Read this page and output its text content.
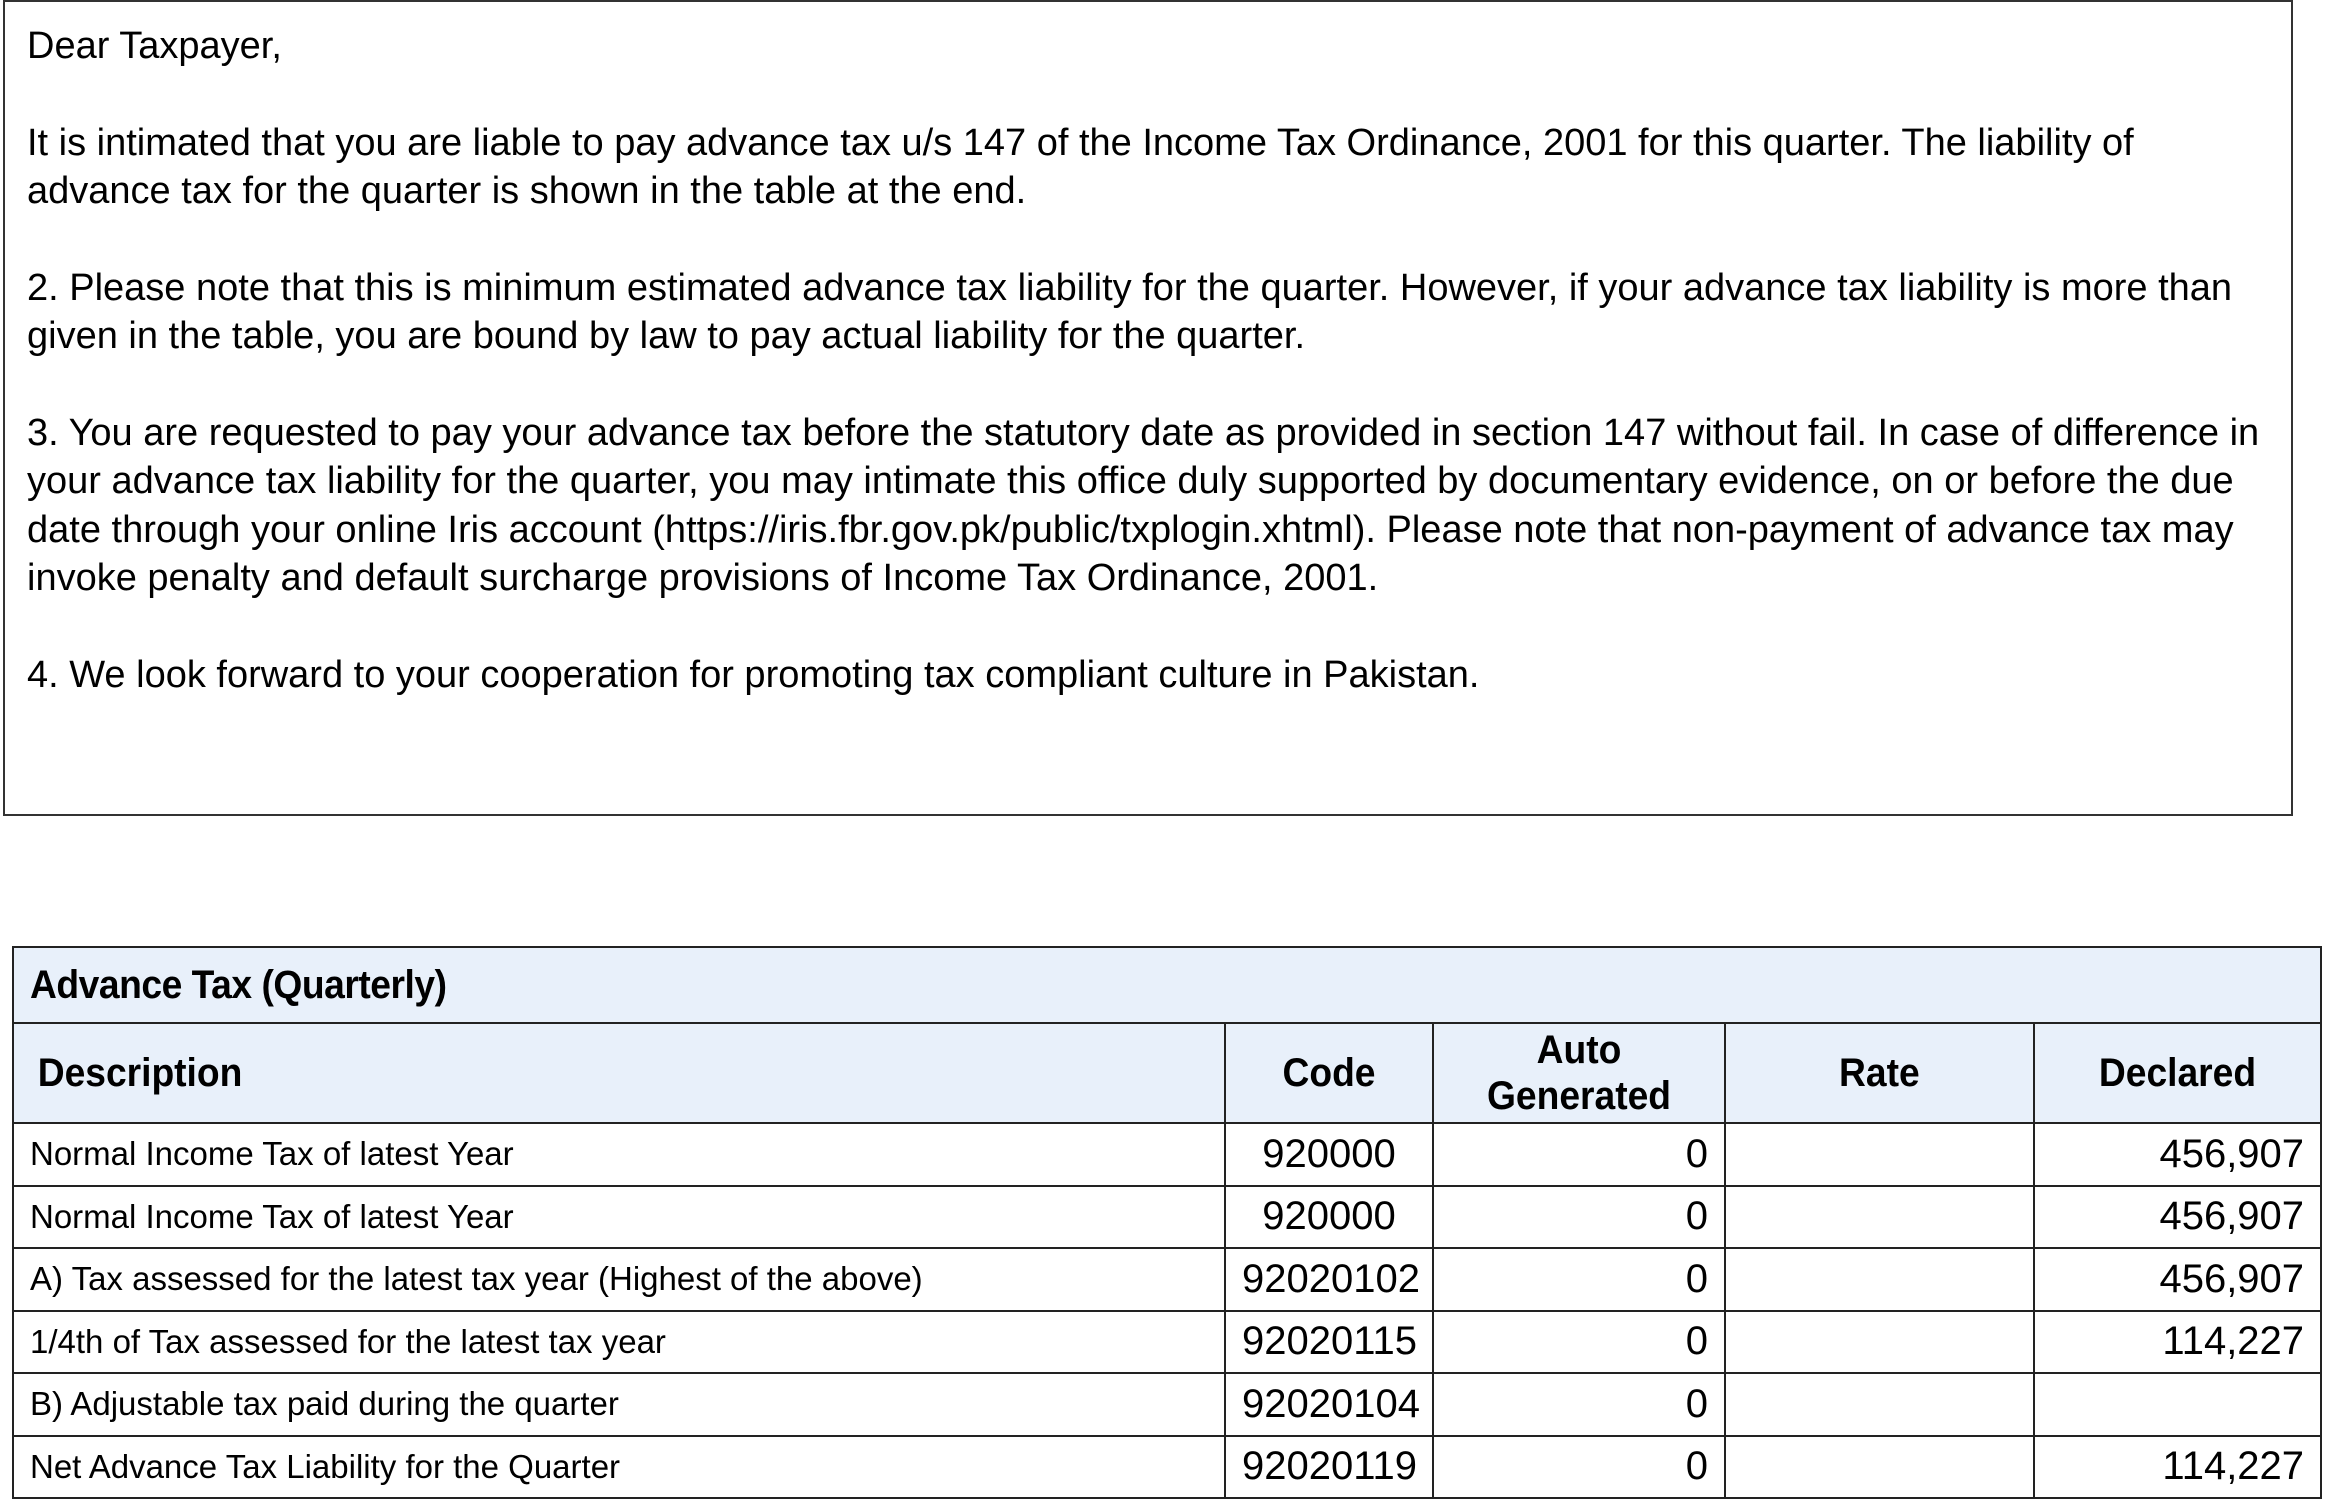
Dear Taxpayer,

It is intimated that you are liable to pay advance tax u/s 147 of the Income Tax Ordinance, 2001 for this quarter. The liability of advance tax for the quarter is shown in the table at the end.

2. Please note that this is minimum estimated advance tax liability for the quarter. However, if your advance tax liability is more than given in the table, you are bound by law to pay actual liability for the quarter.

3. You are requested to pay your advance tax before the statutory date as provided in section 147 without fail. In case of difference in your advance tax liability for the quarter, you may intimate this office duly supported by documentary evidence, on or before the due date through your online Iris account (https://iris.fbr.gov.pk/public/txplogin.xhtml). Please note that non-payment of advance tax may invoke penalty and default surcharge provisions of Income Tax Ordinance, 2001.

4. We look forward to your cooperation for promoting tax compliant culture in Pakistan.

Advance Tax (Quarterly)				
Description	Code	Auto Generated	Rate	Declared
Normal Income Tax of latest Year	920000	0		456,907
Normal Income Tax of latest Year	920000	0		456,907
A) Tax assessed for the latest tax year (Highest of the above)	92020102	0		456,907
1/4th of Tax assessed for the latest tax year	92020115	0		114,227
B) Adjustable tax paid during the quarter	92020104	0		
Net Advance Tax Liability for the Quarter	92020119	0		114,227
